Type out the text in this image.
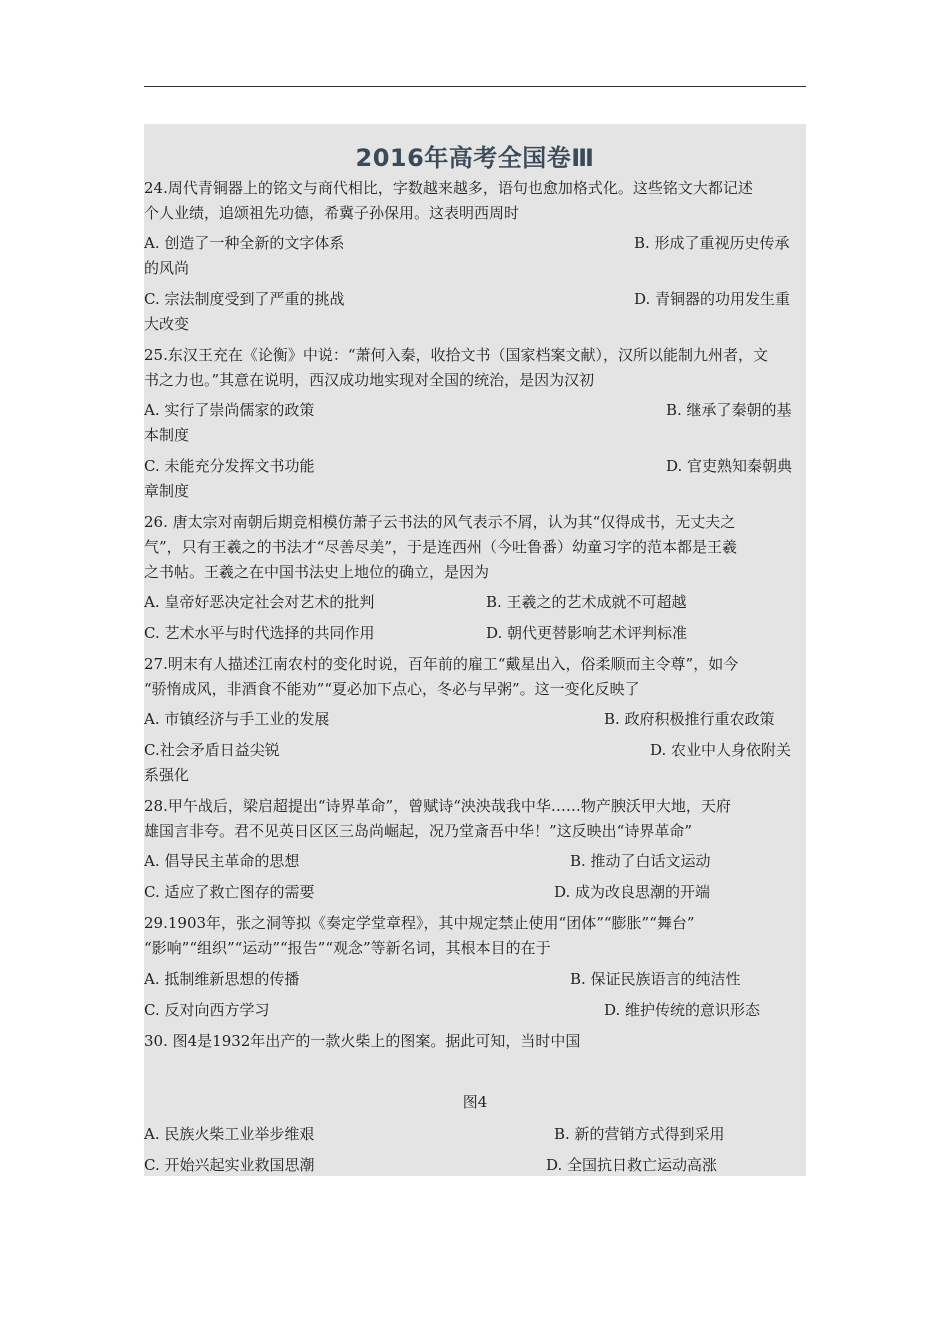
2016年高考全国卷Ⅲ
24.周代青铜器上的铭文与商代相比，字数越来越多，语句也愈加格式化。这些铭文大都记述
个人业绩，追颂祖先功德，希冀子孙保用。这表明西周时
A. 创造了一种全新的文字体系	B. 形成了重视历史传承
的风尚
C. 宗法制度受到了严重的挑战	D. 青铜器的功用发生重
大改变
25.东汉王充在《论衡》中说：“萧何入秦，收拾文书（国家档案文献），汉所以能制九州者，文
书之力也。”其意在说明，西汉成功地实现对全国的统治，是因为汉初
A. 实行了崇尚儒家的政策	B. 继承了秦朝的基
本制度
C. 未能充分发挥文书功能	D. 官吏熟知秦朝典
章制度
26. 唐太宗对南朝后期竞相模仿萧子云书法的风气表示不屑，认为其“仅得成书，无丈夫之
气”，只有王羲之的书法才“尽善尽美”，于是连西州（今吐鲁番）幼童习字的范本都是王羲
之书帖。王羲之在中国书法史上地位的确立，是因为
A. 皇帝好恶决定社会对艺术的批判	B. 王羲之的艺术成就不可超越
C. 艺术水平与时代选择的共同作用	D. 朝代更替影响艺术评判标准
27.明末有人描述江南农村的变化时说，百年前的雇工“戴星出入，俗柔顺而主令尊”，如今
“骄惰成风，非酒食不能劝”“夏必加下点心，冬必与早粥”。这一变化反映了
A. 市镇经济与手工业的发展	B. 政府积极推行重农政策
C.社会矛盾日益尖锐	D. 农业中人身依附关
系强化
28.甲午战后，梁启超提出“诗界革命”，曾赋诗“泱泱哉我中华……物产腴沃甲大地，天府
雄国言非夸。君不见英日区区三岛尚崛起，况乃堂斎吾中华！”这反映出“诗界革命”
A. 倡导民主革命的思想	B. 推动了白话文运动
C. 适应了救亡图存的需要	D. 成为改良思潮的开端
29.1903年，张之洞等拟《奏定学堂章程》，其中规定禁止使用“团体”“膨胀”“舞台”
“影响”“组织”“运动”“报告”“观念”等新名词，其根本目的在于
A. 抵制维新思想的传播	B. 保证民族语言的纯洁性
C. 反对向西方学习	D. 维护传统的意识形态
30. 图4是1932年出产的一款火柴上的图案。据此可知，当时中国
图4
A. 民族火柴工业举步维艰	B. 新的营销方式得到采用
C. 开始兴起实业救国思潮	D. 全国抗日救亡运动高涨
